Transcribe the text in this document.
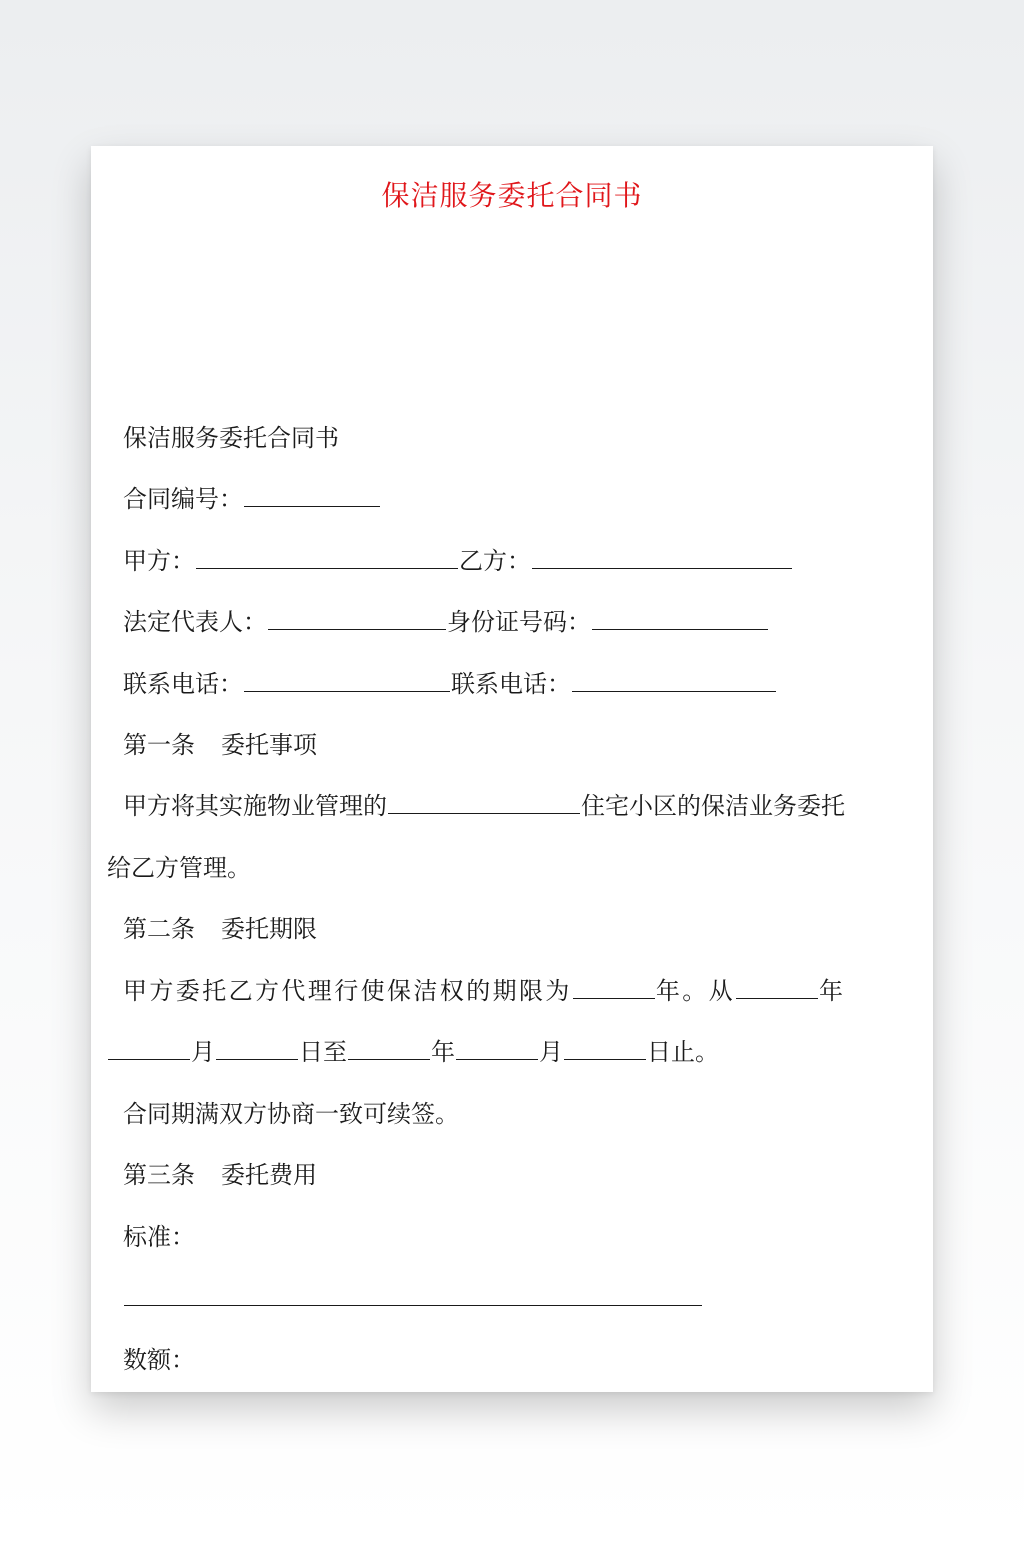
保洁服务委托合同书
保洁服务委托合同书
合同编号：
甲方：	乙方：
法定代表人：	身份证号码：
联系电话：	联系电话：
第一条 委托事项
甲方将其实施物业管理的	住宅小区的保洁业务委托
给乙方管理。
第二条 委托期限
甲方委托乙方代理行使保洁权的期限为	年。从	年
月	日至	年	月	日止。
合同期满双方协商一致可续签。
第三条 委托费用
标准：
数额：
